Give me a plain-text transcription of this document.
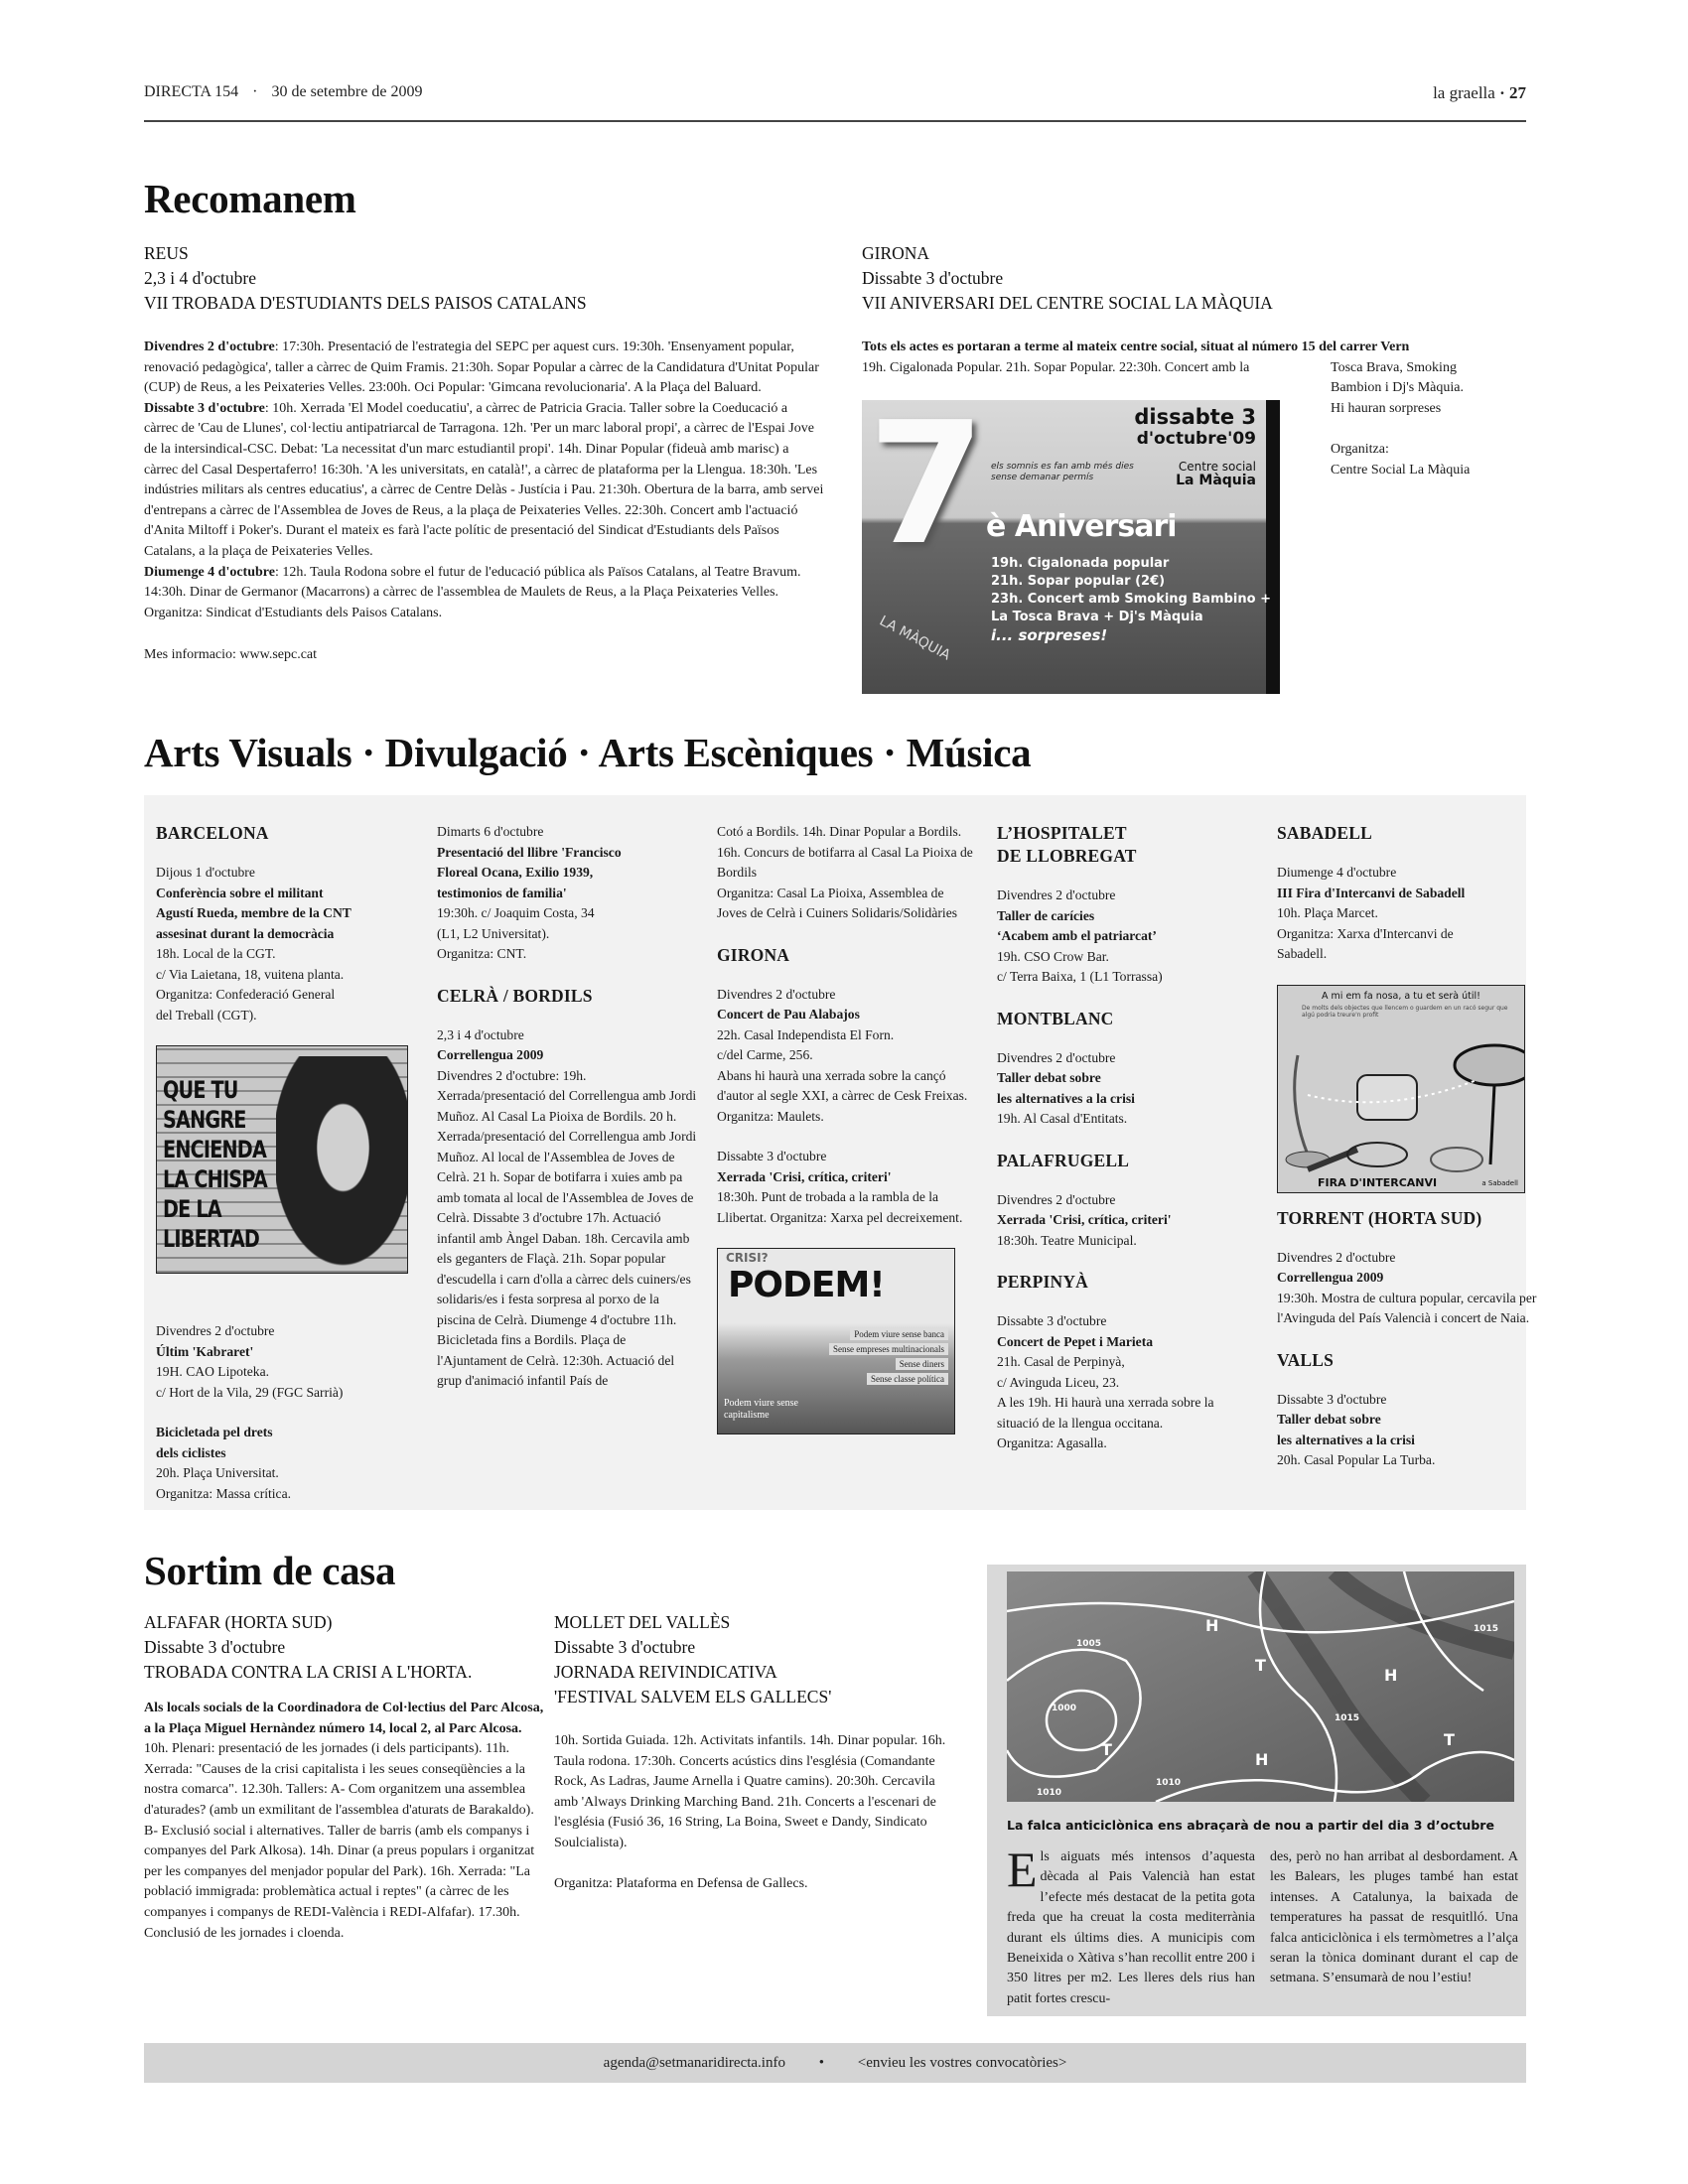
DIRECTA 154 · 30 de setembre de 2009	la graella · 27
Recomanem
REUS
2,3 i 4 d'octubre
VII TROBADA D'ESTUDIANTS DELS PAISOS CATALANS
Divendres 2 d'octubre: 17:30h. Presentació de l'estrategia del SEPC per aquest curs. 19:30h. 'Ensenyament popular, renovació pedagògica', taller a càrrec de Quim Framis. 21:30h. Sopar Popular a càrrec de la Candidatura d'Unitat Popular (CUP) de Reus, a les Peixateries Velles. 23:00h. Oci Popular: 'Gimcana revolucionaria'. A la Plaça del Baluard.
Dissabte 3 d'octubre: 10h. Xerrada 'El Model coeducatiu', a càrrec de Patricia Gracia. Taller sobre la Coeducació a càrrec de 'Cau de Llunes', col·lectiu antipatriarcal de Tarragona. 12h. 'Per un marc laboral propi', a càrrec de l'Espai Jove de la intersindical-CSC. Debat: 'La necessitat d'un marc estudiantil propi'. 14h. Dinar Popular (fideuà amb marisc) a càrrec del Casal Despertaferro! 16:30h. 'A les universitats, en català!', a càrrec de plataforma per la Llengua. 18:30h. 'Les indústries militars als centres educatius', a càrrec de Centre Delàs - Justícia i Pau. 21:30h. Obertura de la barra, amb servei d'entrepans a càrrec de l'Assemblea de Joves de Reus, a la plaça de Peixateries Velles. 22:30h. Concert amb l'actuació d'Anita Miltoff i Poker's. Durant el mateix es farà l'acte polític de presentació del Sindicat d'Estudiants dels Països Catalans, a la plaça de Peixateries Velles.
Diumenge 4 d'octubre: 12h. Taula Rodona sobre el futur de l'educació pública als Països Catalans, al Teatre Bravum. 14:30h. Dinar de Germanor (Macarrons) a càrrec de l'assemblea de Maulets de Reus, a la Plaça Peixateries Velles. Organitza: Sindicat d'Estudiants dels Paisos Catalans.
Mes informacio: www.sepc.cat
GIRONA
Dissabte 3 d'octubre
VII ANIVERSARI DEL CENTRE SOCIAL LA MÀQUIA
Tots els actes es portaran a terme al mateix centre social, situat al número 15 del carrer Vern
19h. Cigalonada Popular. 21h. Sopar Popular. 22:30h. Concert amb la	Tosca Brava, Smoking
Bambion i Dj's Màquia.
Hi hauran sorpreses
Organitza:
Centre Social La Màquia
dissabte 3
d'octubre'09
7 els somnis es fan amb més dies sense demanar permís
Centre social
La Màquia
è Aniversari
19h. Cigalonada popular
21h. Sopar popular (2€)
23h. Concert amb Smoking Bambino +
La Tosca Brava + Dj's Màquia
i... sorpreses!
LA MÀQUIA
Arts Visuals · Divulgació · Arts Escèniques · Música
BARCELONA
Dijous 1 d'octubre
Conferència sobre el militant
Agustí Rueda, membre de la CNT
assesinat durant la democràcia
18h. Local de la CGT.
c/ Via Laietana, 18, vuitena planta.
Organitza: Confederació General
del Treball (CGT).
QUE TU
SANGRE
ENCIENDA
LA CHISPA
DE LA
LIBERTAD
Divendres 2 d'octubre
Últim 'Kabraret'
19H. CAO Lipoteka.
c/ Hort de la Vila, 29 (FGC Sarrià)
Bicicletada pel drets
dels ciclistes
20h. Plaça Universitat.
Organitza: Massa crítica.
Dimarts 6 d'octubre
Presentació del llibre 'Francisco
Floreal Ocana, Exilio 1939,
testimonios de familia'
19:30h. c/ Joaquim Costa, 34
(L1, L2 Universitat).
Organitza: CNT.
CELRÀ / BORDILS
2,3 i 4 d'octubre
Correllengua 2009
Divendres 2 d'octubre: 19h. Xerrada/presentació del Correllengua amb Jordi Muñoz. Al Casal La Pioixa de Bordils. 20 h. Xerrada/presentació del Correllengua amb Jordi Muñoz. Al local de l'Assemblea de Joves de Celrà. 21 h. Sopar de botifarra i xuies amb pa amb tomata al local de l'Assemblea de Joves de Celrà. Dissabte 3 d'octubre 17h. Actuació infantil amb Àngel Daban. 18h. Cercavila amb els geganters de Flaçà. 21h. Sopar popular d'escudella i carn d'olla a càrrec dels cuiners/es solidaris/es i festa sorpresa al porxo de la piscina de Celrà. Diumenge 4 d'octubre 11h. Bicicletada fins a Bordils. Plaça de l'Ajuntament de Celrà. 12:30h. Actuació del grup d'animació infantil País de
Cotó a Bordils. 14h. Dinar Popular a Bordils. 16h. Concurs de botifarra al Casal La Pioixa de Bordils
Organitza: Casal La Pioixa, Assemblea de Joves de Celrà i Cuiners Solidaris/Solidàries
GIRONA
Divendres 2 d'octubre
Concert de Pau Alabajos
22h. Casal Independista El Forn.
c/del Carme, 256.
Abans hi haurà una xerrada sobre la cançó d'autor al segle XXI, a càrrec de Cesk Freixas.
Organitza: Maulets.
Dissabte 3 d'octubre
Xerrada 'Crisi, crítica, criteri'
18:30h. Punt de trobada a la rambla de la Llibertat. Organitza: Xarxa pel decreixement.
CRISI?
PODEM!
Podem viure sense banca
Sense empreses multinacionals
Sense diners
Sense classe política
Podem viure sense capitalisme
L’HOSPITALET
DE LLOBREGAT
Divendres 2 d'octubre
Taller de carícies
‘Acabem amb el patriarcat’
19h. CSO Crow Bar.
c/ Terra Baixa, 1 (L1 Torrassa)
MONTBLANC
Divendres 2 d'octubre
Taller debat sobre
les alternatives a la crisi
19h. Al Casal d'Entitats.
PALAFRUGELL
Divendres 2 d'octubre
Xerrada 'Crisi, crítica, criteri'
18:30h. Teatre Municipal.
PERPINYÀ
Dissabte 3 d'octubre
Concert de Pepet i Marieta
21h. Casal de Perpinyà,
c/ Avinguda Liceu, 23.
A les 19h. Hi haurà una xerrada sobre la situació de la llengua occitana.
Organitza: Agasalla.
SABADELL
Diumenge 4 d'octubre
III Fira d'Intercanvi de Sabadell
10h. Plaça Marcet.
Organitza: Xarxa d'Intercanvi de
Sabadell.
A mi em fa nosa, a tu et serà útil!
De molts dels objectes que llencem o guardem en un racó segur que algú podria treure'n profit
FIRA D'INTERCANVI	a Sabadell
TORRENT (HORTA SUD)
Divendres 2 d'octubre
Correllengua 2009
19:30h. Mostra de cultura popular, cercavila per l'Avinguda del País Valencià i concert de Naia.
VALLS
Dissabte 3 d'octubre
Taller debat sobre
les alternatives a la crisi
20h. Casal Popular La Turba.
Sortim de casa
ALFAFAR (HORTA SUD)
Dissabte 3 d'octubre
TROBADA CONTRA LA CRISI A L'HORTA.
Als locals socials de la Coordinadora de Col·lectius del Parc Alcosa, a la Plaça Miguel Hernàndez número 14, local 2, al Parc Alcosa.
10h. Plenari: presentació de les jornades (i dels participants). 11h. Xerrada: "Causes de la crisi capitalista i les seues conseqüències a la nostra comarca". 12.30h. Tallers: A- Com organitzem una assemblea d'aturades? (amb un exmilitant de l'assemblea d'aturats de Barakaldo). B- Exclusió social i alternatives. Taller de barris (amb els companys i companyes del Park Alkosa). 14h. Dinar (a preus populars i organitzat per les companyes del menjador popular del Park). 16h. Xerrada: "La població immigrada: problemàtica actual i reptes" (a càrrec de les companyes i companys de REDI-València i REDI-Alfafar). 17.30h. Conclusió de les jornades i cloenda.
MOLLET DEL VALLÈS
Dissabte 3 d'octubre
JORNADA REIVINDICATIVA
'FESTIVAL SALVEM ELS GALLECS'
10h. Sortida Guiada. 12h. Activitats infantils. 14h. Dinar popular. 16h. Taula rodona. 17:30h. Concerts acústics dins l'església (Comandante Rock, As Ladras, Jaume Arnella i Quatre camins). 20:30h. Cercavila amb 'Always Drinking Marching Band. 21h. Concerts a l'escenari de l'església (Fusió 36, 16 String, La Boina, Sweet e Dandy, Sindicato Soulcialista).
Organitza: Plataforma en Defensa de Gallecs.
1005
1010
1015
1000
1010
1015
H
H
H
T
T
T
La falca anticiclònica ens abraçarà de nou a partir del dia 3 d’octubre
Els aiguats més intensos d’aquesta dècada al Pais Valencià han estat l’efecte més destacat de la petita gota freda que ha creuat la costa mediterrània durant els últims dies. A municipis com Beneixida o Xàtiva s’han recollit entre 200 i 350 litres per m2. Les lleres dels rius han patit fortes crescu-
des, però no han arribat al desbordament. A les Balears, les pluges també han estat intenses. A Catalunya, la baixada de temperatures ha passat de resquitlló. Una falca anticiclònica i els termòmetres a l’alça seran la tònica dominant durant el cap de setmana. S’ensumarà de nou l’estiu!
agenda@setmanaridirecta.info • <envieu les vostres convocatòries>
